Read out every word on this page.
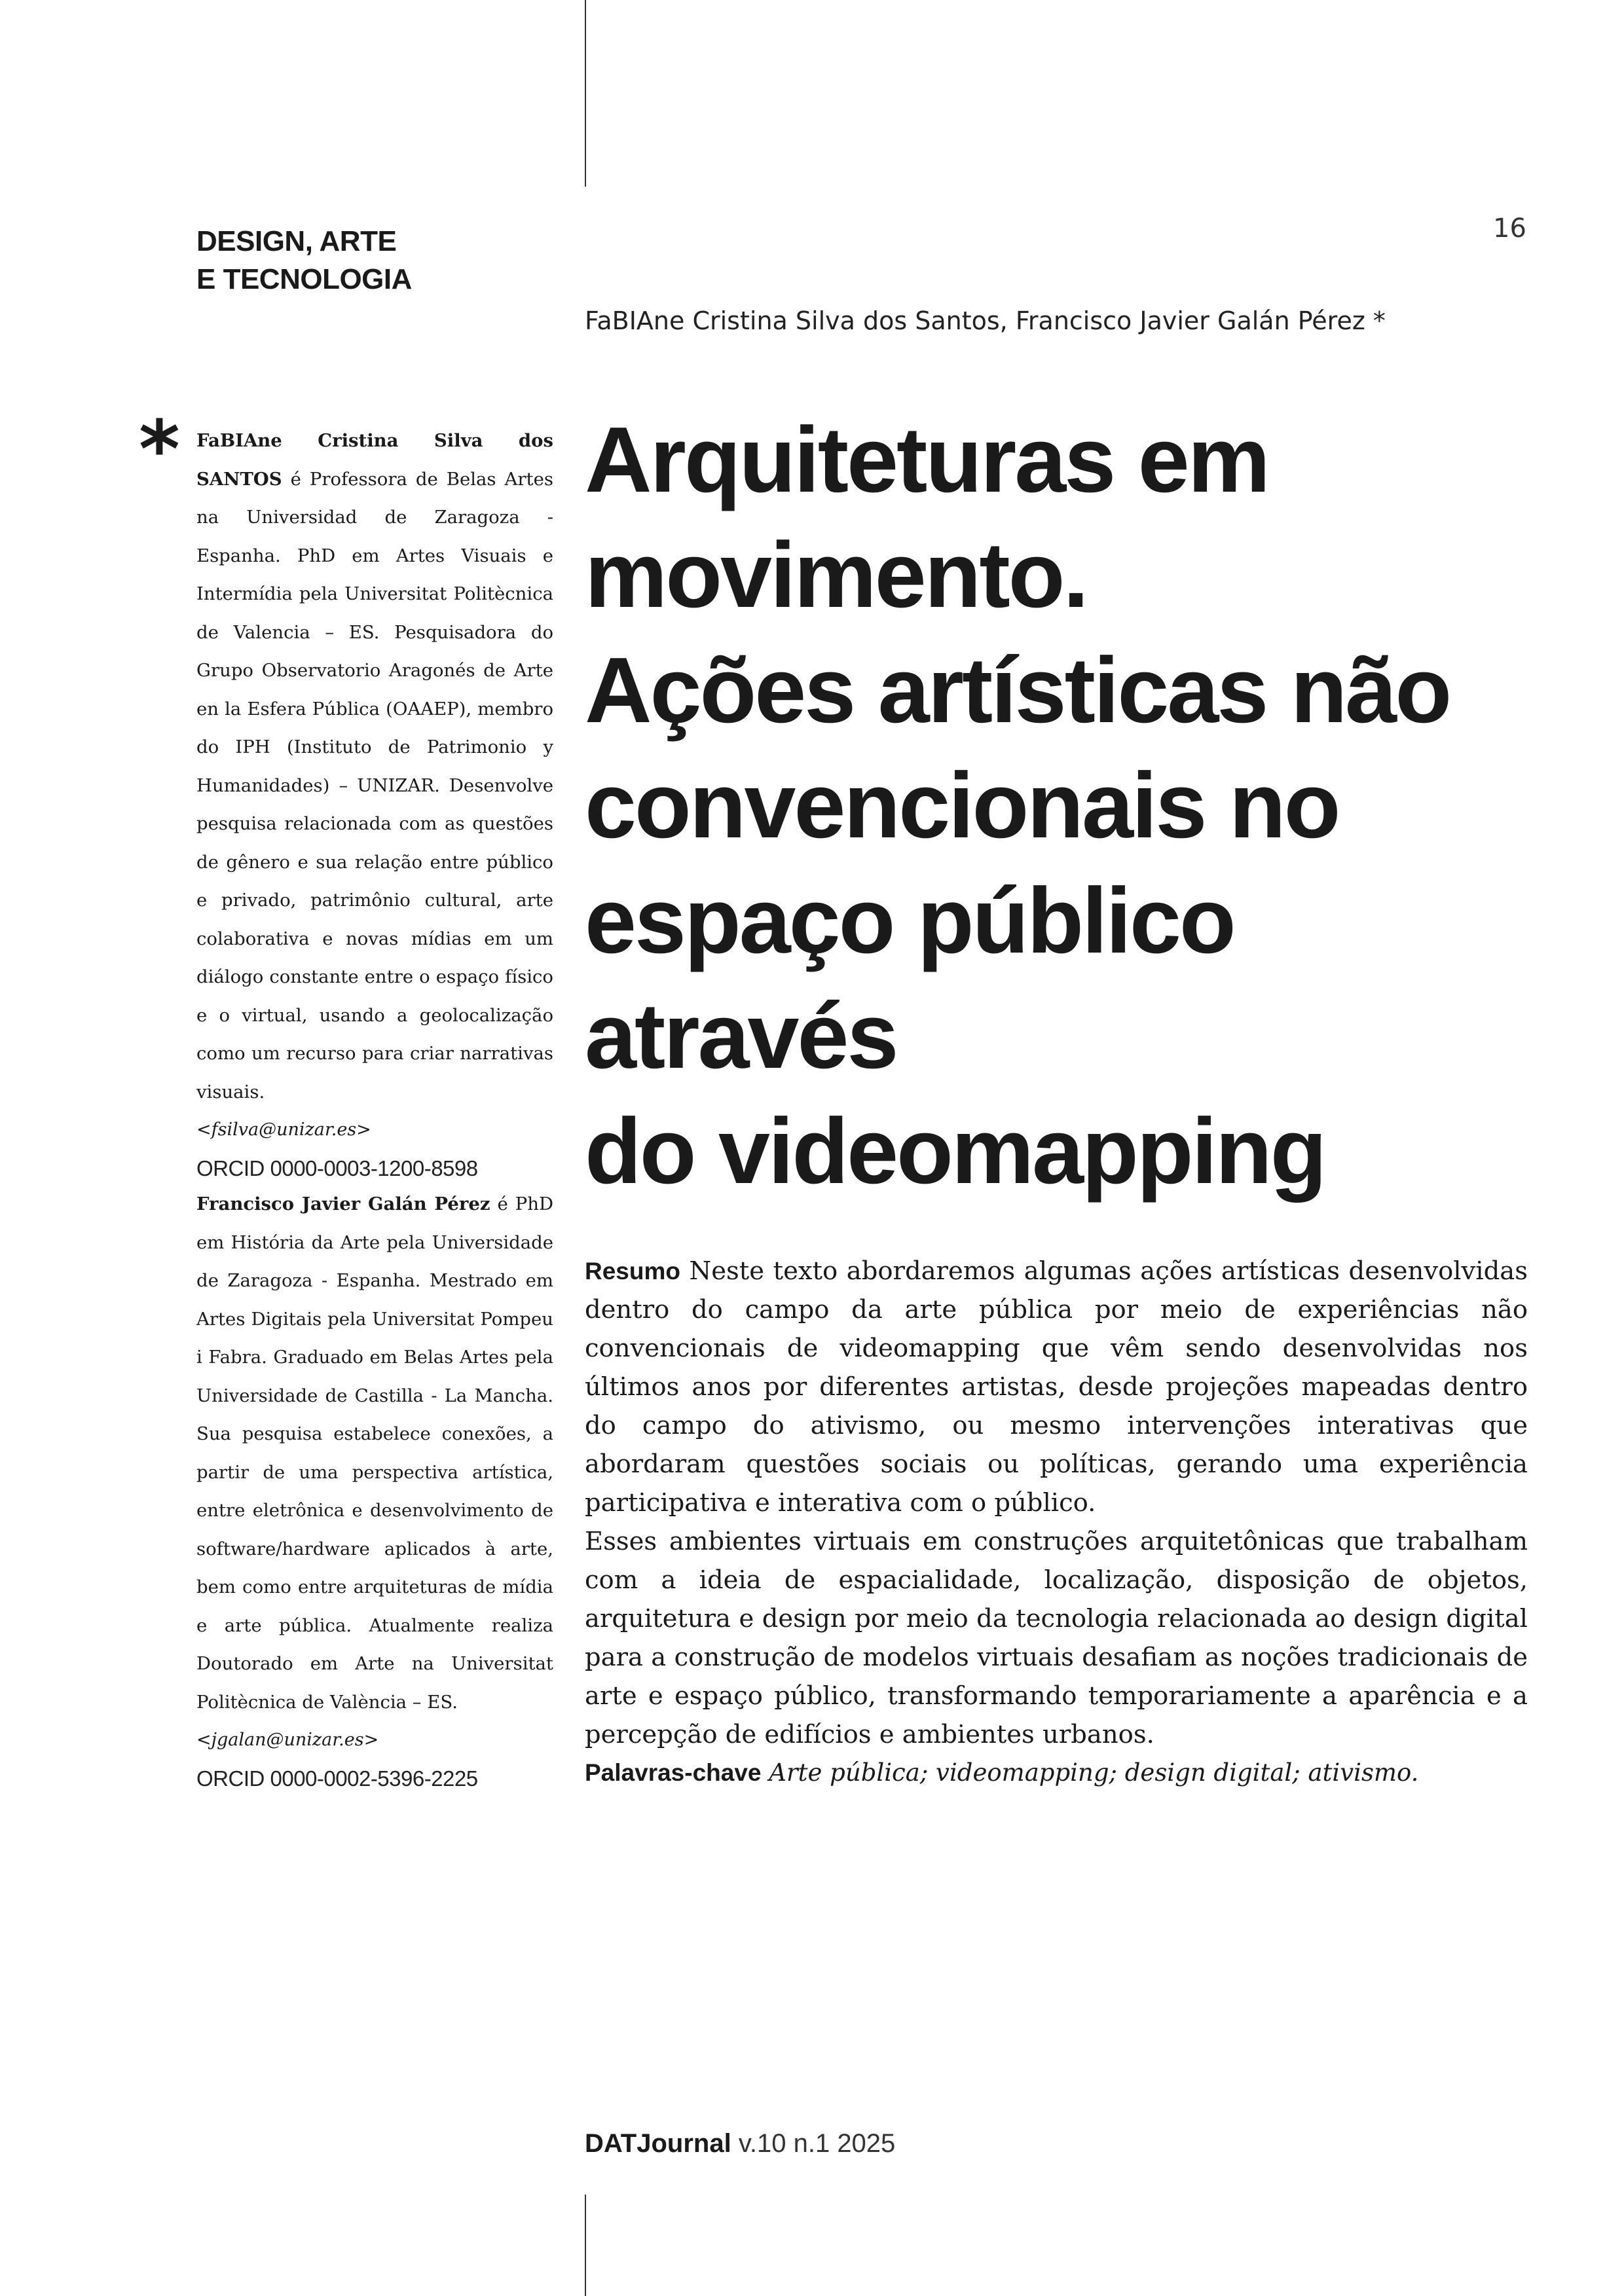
DESIGN, ARTE
E TECNOLOGIA
16
FaBIAne Cristina Silva dos Santos, Francisco Javier Galán Pérez *
* FaBIAne Cristina Silva dos SANTOS é Professora de Belas Artes na Universidad de Zaragoza - Espanha. PhD em Artes Visuais e Intermídia pela Universitat Politècnica de Valencia – ES. Pesquisadora do Grupo Observatorio Aragonés de Arte en la Esfera Pública (OAAEP), membro do IPH (Instituto de Patrimonio y Humanidades) – UNIZAR. Desenvolve pesquisa relacionada com as questões de gênero e sua relação entre público e privado, patrimônio cultural, arte colaborativa e novas mídias em um diálogo constante entre o espaço físico e o virtual, usando a geolocalização como um recurso para criar narrativas visuais.
<fsilva@unizar.es>
ORCID 0000-0003-1200-8598
Francisco Javier Galán Pérez é PhD em História da Arte pela Universidade de Zaragoza - Espanha. Mestrado em Artes Digitais pela Universitat Pompeu i Fabra. Graduado em Belas Artes pela Universidade de Castilla - La Mancha. Sua pesquisa estabelece conexões, a partir de uma perspectiva artística, entre eletrônica e desenvolvimento de software/hardware aplicados à arte, bem como entre arquiteturas de mídia e arte pública. Atualmente realiza Doutorado em Arte na Universitat Politècnica de València – ES.
<jgalan@unizar.es>
ORCID 0000-0002-5396-2225
Arquiteturas em
movimento.
Ações artísticas não
convencionais no
espaço público através
do videomapping

Resumo Neste texto abordaremos algumas ações artísticas desenvolvidas dentro do campo da arte pública por meio de experiências não convencionais de videomapping que vêm sendo desenvolvidas nos últimos anos por diferentes artistas, desde projeções mapeadas dentro do campo do ativismo, ou mesmo intervenções interativas que abordaram questões sociais ou políticas, gerando uma experiência participativa e interativa com o público.

Esses ambientes virtuais em construções arquitetônicas que trabalham com a ideia de espacialidade, localização, disposição de objetos, arquitetura e design por meio da tecnologia relacionada ao design digital para a construção de modelos virtuais desafiam as noções tradicionais de arte e espaço público, transformando temporariamente a aparência e a percepção de edifícios e ambientes urbanos.

Palavras-chave Arte pública; videomapping; design digital; ativismo.
DATJournal v.10 n.1 2025
